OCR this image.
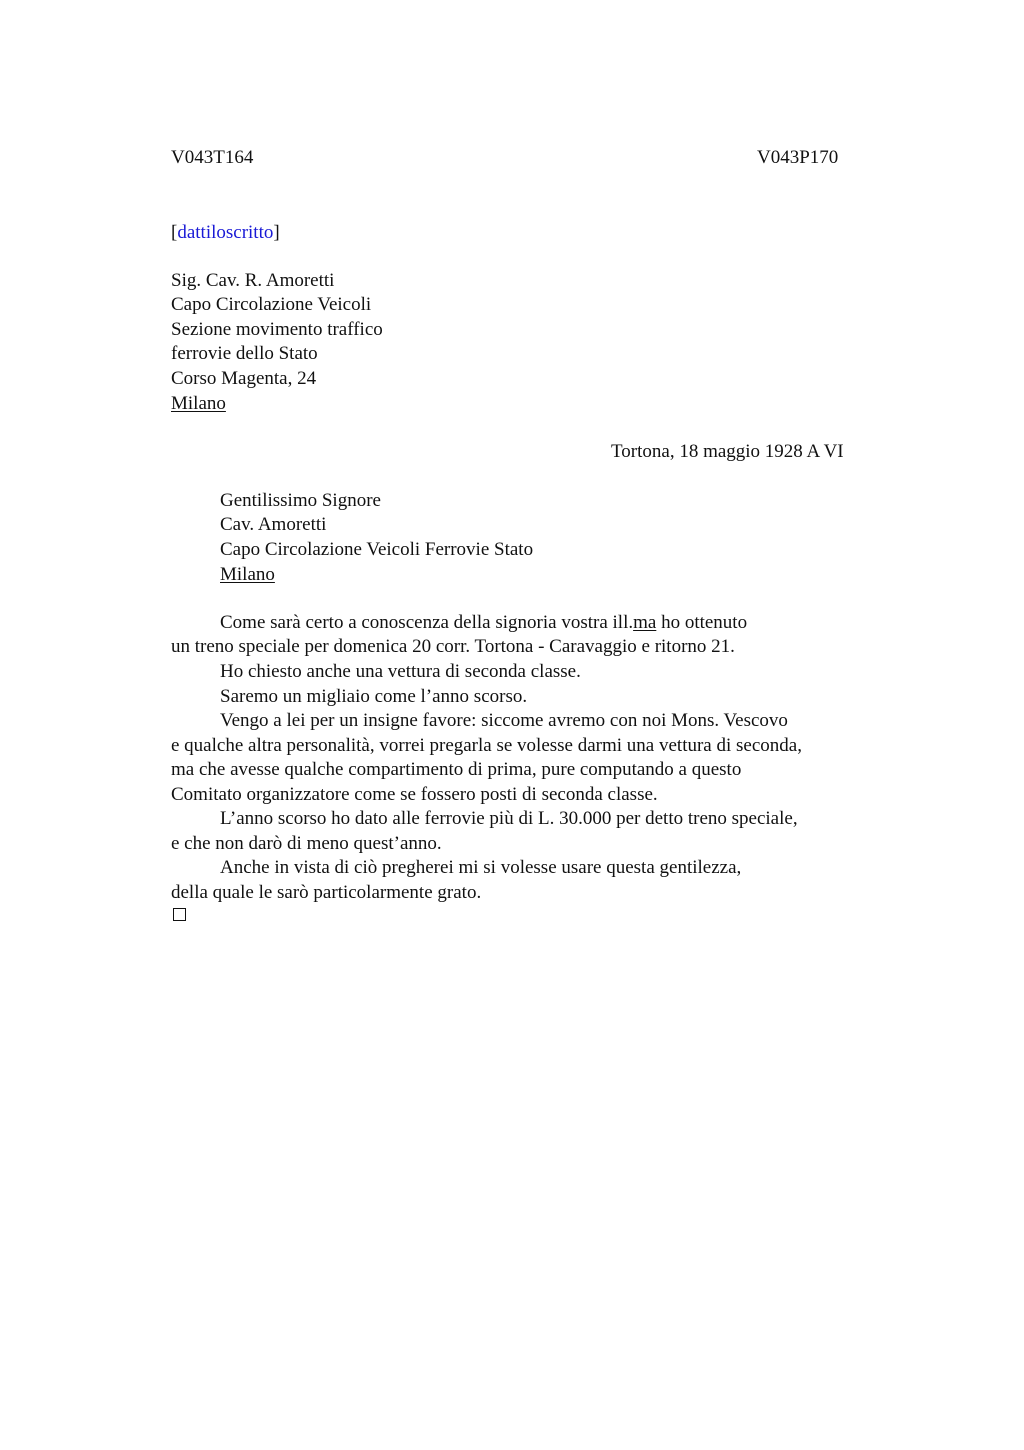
V043T164	V043P170
[dattiloscritto]
Sig. Cav. R. Amoretti
Capo Circolazione Veicoli
Sezione movimento traffico
ferrovie dello Stato
Corso Magenta, 24
Milano
Tortona, 18 maggio 1928 A VI
Gentilissimo Signore
Cav. Amoretti
Capo Circolazione Veicoli Ferrovie Stato
Milano
Come sarà certo a conoscenza della signoria vostra ill.ma ho ottenuto
un treno speciale per domenica 20 corr. Tortona - Caravaggio e ritorno 21.
Ho chiesto anche una vettura di seconda classe.
Saremo un migliaio come l’anno scorso.
Vengo a lei per un insigne favore: siccome avremo con noi Mons. Vescovo
e qualche altra personalità, vorrei pregarla se volesse darmi una vettura di seconda,
ma che avesse qualche compartimento di prima, pure computando a questo
Comitato organizzatore come se fossero posti di seconda classe.
L’anno scorso ho dato alle ferrovie più di L. 30.000 per detto treno speciale,
e che non darò di meno quest’anno.
Anche in vista di ciò pregherei mi si volesse usare questa gentilezza,
della quale le sarò particolarmente grato.
